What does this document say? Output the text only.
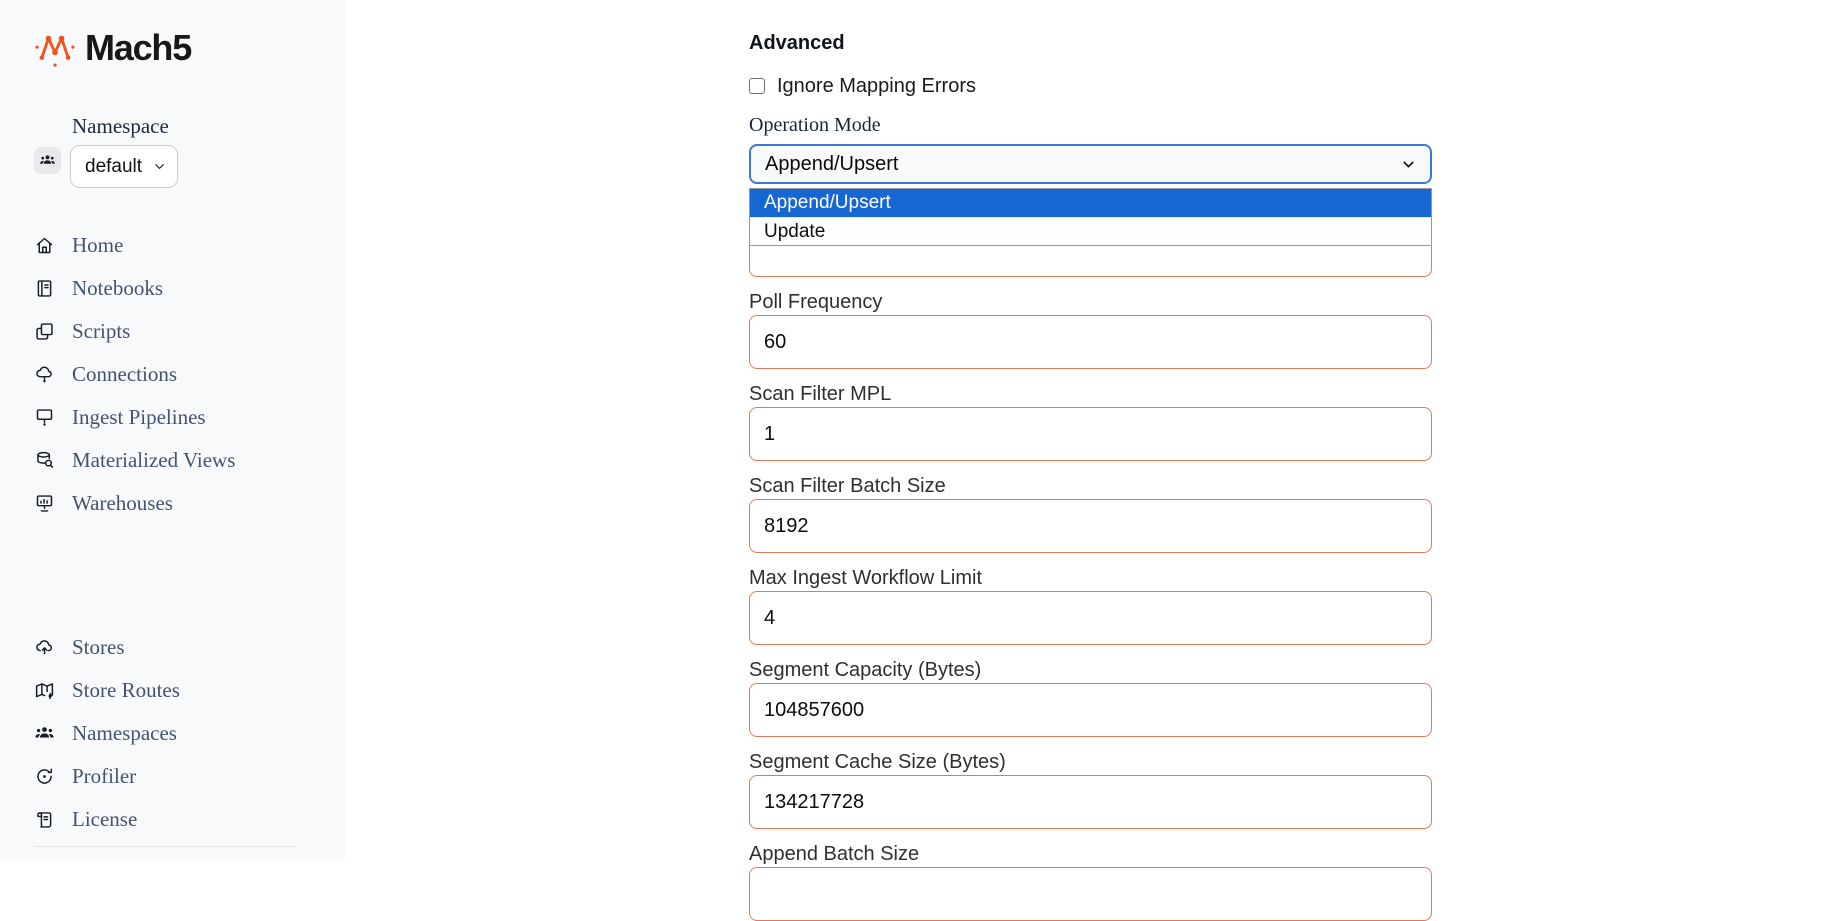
Mach5
Namespace
default
Home
Notebooks
Scripts
Connections
Ingest Pipelines
Materialized Views
Warehouses
Stores
Store Routes
Namespaces
Profiler
License
Advanced
Ignore Mapping Errors
Operation Mode
Append/Upsert
Append/Upsert
Update
Poll Frequency
60
Scan Filter MPL
1
Scan Filter Batch Size
8192
Max Ingest Workflow Limit
4
Segment Capacity (Bytes)
104857600
Segment Cache Size (Bytes)
134217728
Append Batch Size
